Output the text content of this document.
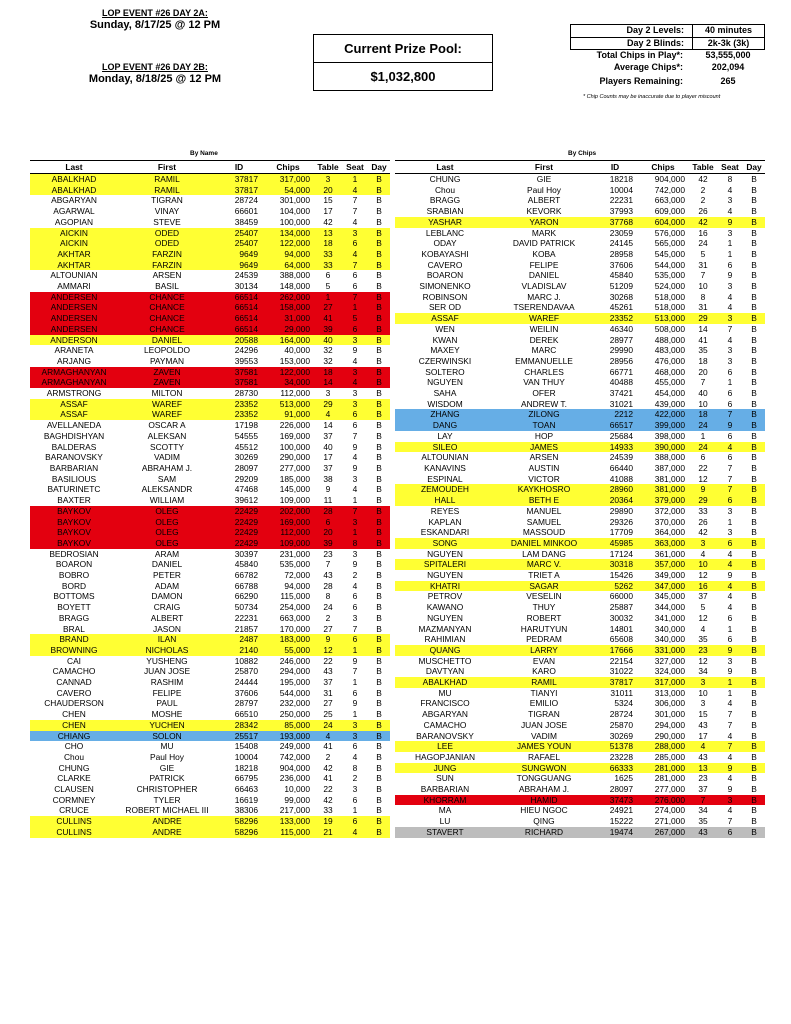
LOP EVENT #26 DAY 2A:
Sunday, 8/17/25 @ 12 PM
LOP EVENT #26 DAY 2B:
Monday, 8/18/25 @ 12 PM
Current Prize Pool:
$1,032,800
Day 2 Levels:	40 minutes
Day 2 Blinds:	2k-3k (3k)
Total Chips in Play*:	53,555,000
Average Chips*:	202,094
Players Remaining:	265
* Chip Counts may be inaccurate due to player miscount
By Name	By Chips
Last	First	ID	Chips	Table	Seat	Day
ABALKHAD	RAMIL	37817	317,000	3	1	B
ABALKHAD	RAMIL	37817	54,000	20	4	B
ABGARYAN	TIGRAN	28724	301,000	15	7	B
AGARWAL	VINAY	66601	104,000	17	7	B
AGOPIAN	STEVE	38459	100,000	42	4	B
AICKIN	ODED	25407	134,000	13	3	B
AICKIN	ODED	25407	122,000	18	6	B
AKHTAR	FARZIN	9649	94,000	33	4	B
AKHTAR	FARZIN	9649	64,000	33	7	B
ALTOUNIAN	ARSEN	24539	388,000	6	6	B
AMMARI	BASIL	30134	148,000	5	6	B
ANDERSEN	CHANCE	66514	262,000	1	7	B
ANDERSEN	CHANCE	66514	158,000	27	1	B
ANDERSEN	CHANCE	66514	31,000	41	5	B
ANDERSEN	CHANCE	66514	29,000	39	6	B
ANDERSON	DANIEL	20588	164,000	40	3	B
ARANETA	LEOPOLDO	24296	40,000	32	9	B
ARJANG	PAYMAN	39553	153,000	32	4	B
ARMAGHANYAN	ZAVEN	37581	122,000	18	3	B
ARMAGHANYAN	ZAVEN	37581	34,000	14	4	B
ARMSTRONG	MILTON	28730	112,000	3	3	B
ASSAF	WAREF	23352	513,000	29	3	B
ASSAF	WAREF	23352	91,000	4	6	B
AVELLANEDA	OSCAR A	17198	226,000	14	6	B
BAGHDISHYAN	ALEKSAN	54555	169,000	37	7	B
BALDERAS	SCOTTY	45512	100,000	40	9	B
BARANOVSKY	VADIM	30269	290,000	17	4	B
BARBARIAN	ABRAHAM J.	28097	277,000	37	9	B
BASILIOUS	SAM	29209	185,000	38	3	B
BATURINETC	ALEKSANDR	47468	145,000	9	4	B
BAXTER	WILLIAM	39612	109,000	11	1	B
BAYKOV	OLEG	22429	202,000	28	7	B
BAYKOV	OLEG	22429	169,000	6	3	B
BAYKOV	OLEG	22429	112,000	20	1	B
BAYKOV	OLEG	22429	109,000	39	8	B
BEDROSIAN	ARAM	30397	231,000	23	3	B
BOARON	DANIEL	45840	535,000	7	9	B
BOBRO	PETER	66782	72,000	43	2	B
BORD	ADAM	66788	94,000	28	4	B
BOTTOMS	DAMON	66290	115,000	8	6	B
BOYETT	CRAIG	50734	254,000	24	6	B
BRAGG	ALBERT	22231	663,000	2	3	B
BRAL	JASON	21857	170,000	27	7	B
BRAND	ILAN	2487	183,000	9	6	B
BROWNING	NICHOLAS	2140	55,000	12	1	B
CAI	YUSHENG	10882	246,000	22	9	B
CAMACHO	JUAN JOSE	25870	294,000	43	7	B
CANNAD	RASHIM	24444	195,000	37	1	B
CAVERO	FELIPE	37606	544,000	31	6	B
CHAUDERSON	PAUL	28797	232,000	27	9	B
CHEN	MOSHE	66510	250,000	25	1	B
CHEN	YUCHEN	28342	85,000	24	3	B
CHIANG	SOLON	25517	193,000	4	3	B
CHO	MU	15408	249,000	41	6	B
Chou	Paul Hoy	10004	742,000	2	4	B
CHUNG	GIE	18218	904,000	42	8	B
CLARKE	PATRICK	66795	236,000	41	2	B
CLAUSEN	CHRISTOPHER	66463	10,000	22	3	B
CORMNEY	TYLER	16619	99,000	42	6	B
CRUCE	ROBERT MICHAEL III	38306	217,000	33	1	B
CULLINS	ANDRE	58296	133,000	19	6	B
CULLINS	ANDRE	58296	115,000	21	4	B
Last	First	ID	Chips	Table	Seat	Day
CHUNG	GIE	18218	904,000	42	8	B
Chou	Paul Hoy	10004	742,000	2	4	B
BRAGG	ALBERT	22231	663,000	2	3	B
SRABIAN	KEVORK	37993	609,000	26	4	B
YASHAR	YARON	37768	604,000	42	9	B
LEBLANC	MARK	23059	576,000	16	3	B
ODAY	DAVID PATRICK	24145	565,000	24	1	B
KOBAYASHI	KOBA	28958	545,000	5	1	B
CAVERO	FELIPE	37606	544,000	31	6	B
BOARON	DANIEL	45840	535,000	7	9	B
SIMONENKO	VLADISLAV	51209	524,000	10	3	B
ROBINSON	MARC J.	30268	518,000	8	4	B
SER OD	TSERENDAVAA	45261	518,000	31	4	B
ASSAF	WAREF	23352	513,000	29	3	B
WEN	WEILIN	46340	508,000	14	7	B
KWAN	DEREK	28977	488,000	41	4	B
MAXEY	MARC	29990	483,000	35	3	B
CZERWINSKI	EMMANUELLE	28956	476,000	18	3	B
SOLTERO	CHARLES	66771	468,000	20	6	B
NGUYEN	VAN THUY	40488	455,000	7	1	B
SAHA	OFER	37421	454,000	40	6	B
WISDOM	ANDREW T.	31021	439,000	10	6	B
ZHANG	ZILONG	2212	422,000	18	7	B
DANG	TOAN	66517	399,000	24	9	B
LAY	HOP	25684	398,000	1	6	B
SILEO	JAMES	14933	390,000	24	4	B
ALTOUNIAN	ARSEN	24539	388,000	6	6	B
KANAVINS	AUSTIN	66440	387,000	22	7	B
ESPINAL	VICTOR	41088	381,000	12	7	B
ZEMOUDEH	KAYKHOSRO	28960	381,000	9	7	B
HALL	BETH E	20364	379,000	29	6	B
REYES	MANUEL	29890	372,000	33	3	B
KAPLAN	SAMUEL	29326	370,000	26	1	B
ESKANDARI	MASSOUD	17709	364,000	42	3	B
SONG	DANIEL MINKOO	45985	363,000	3	6	B
NGUYEN	LAM DANG	17124	361,000	4	4	B
SPITALERI	MARC V.	30318	357,000	10	4	B
NGUYEN	TRIET A	15426	349,000	12	9	B
KHATRI	SAGAR	5262	347,000	16	4	B
PETROV	VESELIN	66000	345,000	37	4	B
KAWANO	THUY	25887	344,000	5	4	B
NGUYEN	ROBERT	30032	341,000	12	6	B
MAZMANYAN	HARUTYUN	14801	340,000	4	1	B
RAHIMIAN	PEDRAM	65608	340,000	35	6	B
QUANG	LARRY	17666	331,000	23	9	B
MUSCHETTO	EVAN	22154	327,000	12	3	B
DAVTYAN	KARO	31022	324,000	34	9	B
ABALKHAD	RAMIL	37817	317,000	3	1	B
MU	TIANYI	31011	313,000	10	1	B
FRANCISCO	EMILIO	5324	306,000	3	4	B
ABGARYAN	TIGRAN	28724	301,000	15	7	B
CAMACHO	JUAN JOSE	25870	294,000	43	7	B
BARANOVSKY	VADIM	30269	290,000	17	4	B
LEE	JAMES YOUN	51378	288,000	4	7	B
HAGOPJANIAN	RAFAEL	23228	285,000	43	4	B
JUNG	SUNGWON	66333	281,000	13	9	B
SUN	TONGGUANG	1625	281,000	23	4	B
BARBARIAN	ABRAHAM J.	28097	277,000	37	9	B
KHORRAM	HAMID	37473	276,000	7	3	B
MA	HIEU NGOC	24921	274,000	34	4	B
LU	QING	15222	271,000	35	7	B
STAVERT	RICHARD	19474	267,000	43	6	B
